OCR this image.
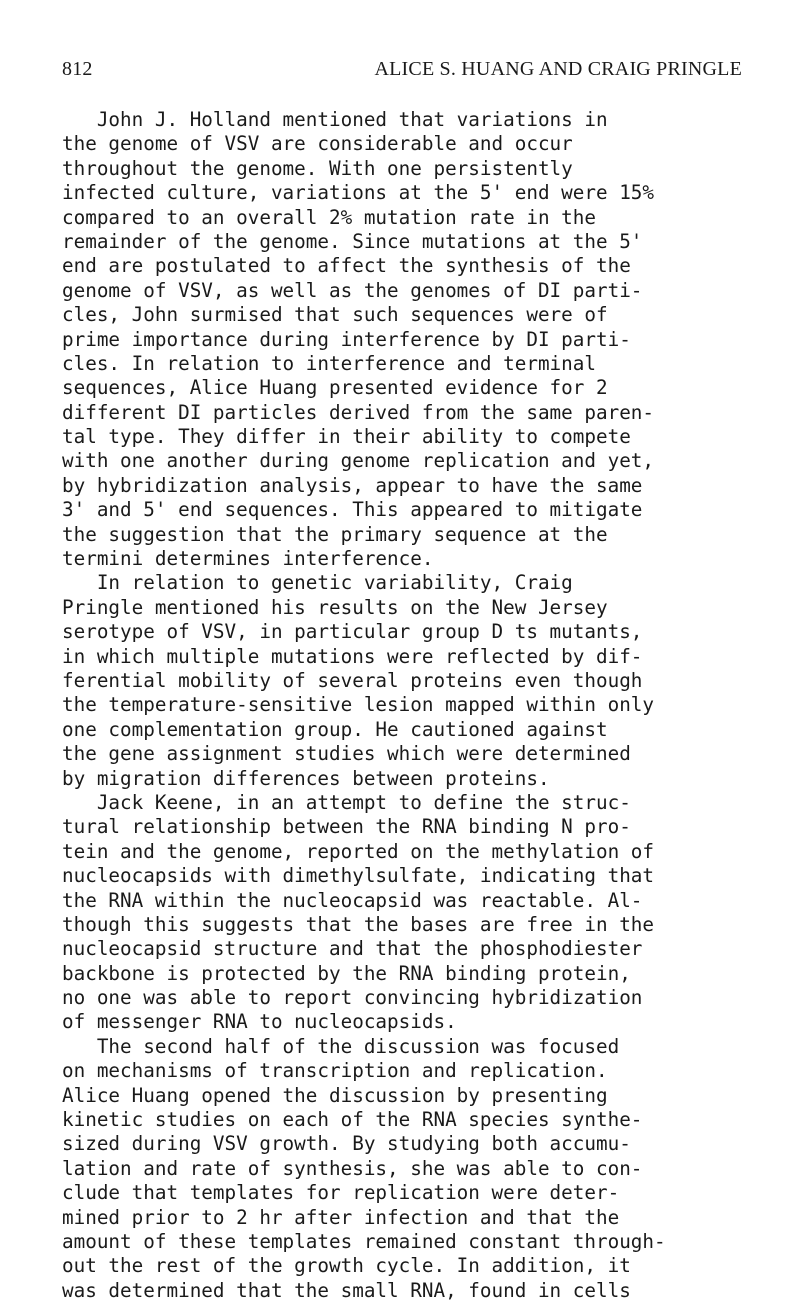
812	ALICE S. HUANG AND CRAIG PRINGLE
John J. Holland mentioned that variations in
the genome of VSV are considerable and occur
throughout the genome. With one persistently
infected culture, variations at the 5' end were 15%
compared to an overall 2% mutation rate in the
remainder of the genome. Since mutations at the 5'
end are postulated to affect the synthesis of the
genome of VSV, as well as the genomes of DI parti-
cles, John surmised that such sequences were of
prime importance during interference by DI parti-
cles. In relation to interference and terminal
sequences, Alice Huang presented evidence for 2
different DI particles derived from the same paren-
tal type. They differ in their ability to compete
with one another during genome replication and yet,
by hybridization analysis, appear to have the same
3' and 5' end sequences. This appeared to mitigate
the suggestion that the primary sequence at the
termini determines interference.
In relation to genetic variability, Craig
Pringle mentioned his results on the New Jersey
serotype of VSV, in particular group D ts mutants,
in which multiple mutations were reflected by dif-
ferential mobility of several proteins even though
the temperature-sensitive lesion mapped within only
one complementation group. He cautioned against
the gene assignment studies which were determined
by migration differences between proteins.
Jack Keene, in an attempt to define the struc-
tural relationship between the RNA binding N pro-
tein and the genome, reported on the methylation of
nucleocapsids with dimethylsulfate, indicating that
the RNA within the nucleocapsid was reactable. Al-
though this suggests that the bases are free in the
nucleocapsid structure and that the phosphodiester
backbone is protected by the RNA binding protein,
no one was able to report convincing hybridization
of messenger RNA to nucleocapsids.
The second half of the discussion was focused
on mechanisms of transcription and replication.
Alice Huang opened the discussion by presenting
kinetic studies on each of the RNA species synthe-
sized during VSV growth. By studying both accumu-
lation and rate of synthesis, she was able to con-
clude that templates for replication were deter-
mined prior to 2 hr after infection and that the
amount of these templates remained constant through-
out the rest of the growth cycle. In addition, it
was determined that the small RNA, found in cells
